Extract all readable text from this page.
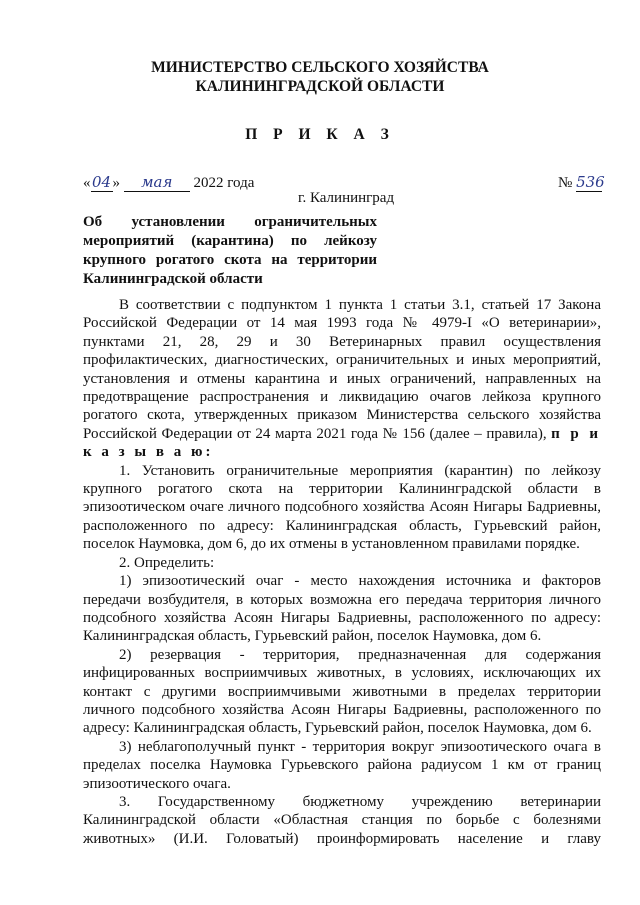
МИНИСТЕРСТВО СЕЛЬСКОГО ХОЗЯЙСТВА
КАЛИНИНГРАДСКОЙ ОБЛАСТИ
П Р И К А З
«04» мая 2022 года	№ 536
г. Калининград
Об установлении ограничительных
мероприятий (карантина) по лейкозу
крупного рогатого скота на территории
Калининградской области

В соответствии с подпунктом 1 пункта 1 статьи 3.1, статьей 17 Закона Российской Федерации от 14 мая 1993 года № 4979-I «О ветеринарии», пунктами 21, 28, 29 и 30 Ветеринарных правил осуществления профилактических, диагностических, ограничительных и иных мероприятий, установления и отмены карантина и иных ограничений, направленных на предотвращение распространения и ликвидацию очагов лейкоза крупного рогатого скота, утвержденных приказом Министерства сельского хозяйства Российской Федерации от 24 марта 2021 года № 156 (далее – правила), п р и к а з ы в а ю:

1. Установить ограничительные мероприятия (карантин) по лейкозу крупного рогатого скота на территории Калининградской области в эпизоотическом очаге личного подсобного хозяйства Асоян Нигары Бадриевны, расположенного по адресу: Калининградская область, Гурьевский район, поселок Наумовка, дом 6, до их отмены в установленном правилами порядке.

2. Определить:

1) эпизоотический очаг - место нахождения источника и факторов передачи возбудителя, в которых возможна его передача территория личного подсобного хозяйства Асоян Нигары Бадриевны, расположенного по адресу: Калининградская область, Гурьевский район, поселок Наумовка, дом 6.

2) резервация - территория, предназначенная для содержания инфицированных восприимчивых животных, в условиях, исключающих их контакт с другими восприимчивыми животными в пределах территории личного подсобного хозяйства Асоян Нигары Бадриевны, расположенного по адресу: Калининградская область, Гурьевский район, поселок Наумовка, дом 6.

3) неблагополучный пункт - территория вокруг эпизоотического очага в пределах поселка Наумовка Гурьевского района радиусом 1 км от границ эпизоотического очага.

3. Государственному бюджетному учреждению ветеринарии Калининградской области «Областная станция по борьбе с болезнями животных» (И.И. Головатый) проинформировать население и главу
